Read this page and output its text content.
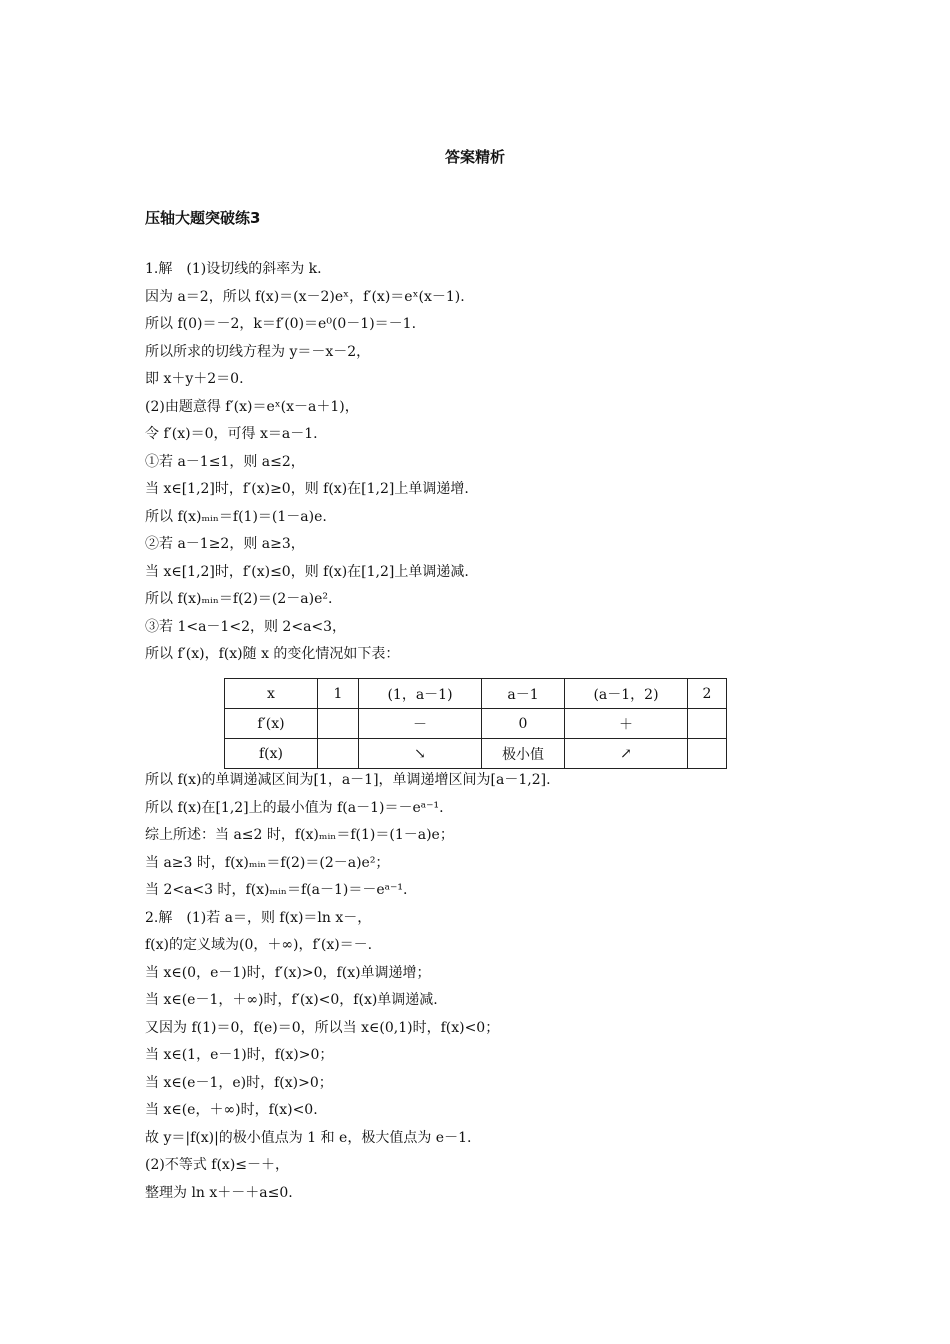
答案精析
压轴大题突破练3
1.解　(1)设切线的斜率为 k.
因为 a＝2，所以 f(x)＝(x－2)eˣ，f′(x)＝eˣ(x－1).
所以 f(0)＝－2，k＝f′(0)＝e⁰(0－1)＝－1.
所以所求的切线方程为 y＝－x－2，
即 x＋y＋2＝0.
(2)由题意得 f′(x)＝eˣ(x－a＋1)，
令 f′(x)＝0，可得 x＝a－1.
①若 a－1≤1，则 a≤2，
当 x∈[1,2]时，f′(x)≥0，则 f(x)在[1,2]上单调递增.
所以 f(x)ₘᵢₙ＝f(1)＝(1－a)e.
②若 a－1≥2，则 a≥3，
当 x∈[1,2]时，f′(x)≤0，则 f(x)在[1,2]上单调递减.
所以 f(x)ₘᵢₙ＝f(2)＝(2－a)e².
③若 1<a－1<2，则 2<a<3，
所以 f′(x)，f(x)随 x 的变化情况如下表：
x	1	(1，a－1)	a－1	(a－1，2)	2
f′(x)		－	0	＋	
f(x)		↘	极小值	↗	
所以 f(x)的单调递减区间为[1，a－1]，单调递增区间为[a－1,2].
所以 f(x)在[1,2]上的最小值为 f(a－1)＝－eᵃ⁻¹.
综上所述：当 a≤2 时，f(x)ₘᵢₙ＝f(1)＝(1－a)e；
当 a≥3 时，f(x)ₘᵢₙ＝f(2)＝(2－a)e²；
当 2<a<3 时，f(x)ₘᵢₙ＝f(a－1)＝－eᵃ⁻¹.
2.解　(1)若 a＝，则 f(x)＝ln x－，
f(x)的定义域为(0，＋∞)，f′(x)＝－.
当 x∈(0，e－1)时，f′(x)>0，f(x)单调递增；
当 x∈(e－1，＋∞)时，f′(x)<0，f(x)单调递减.
又因为 f(1)＝0，f(e)＝0，所以当 x∈(0,1)时，f(x)<0；
当 x∈(1，e－1)时，f(x)>0；
当 x∈(e－1，e)时，f(x)>0；
当 x∈(e，＋∞)时，f(x)<0.
故 y＝|f(x)|的极小值点为 1 和 e，极大值点为 e－1.
(2)不等式 f(x)≤－＋，
整理为 ln x＋－＋a≤0.
